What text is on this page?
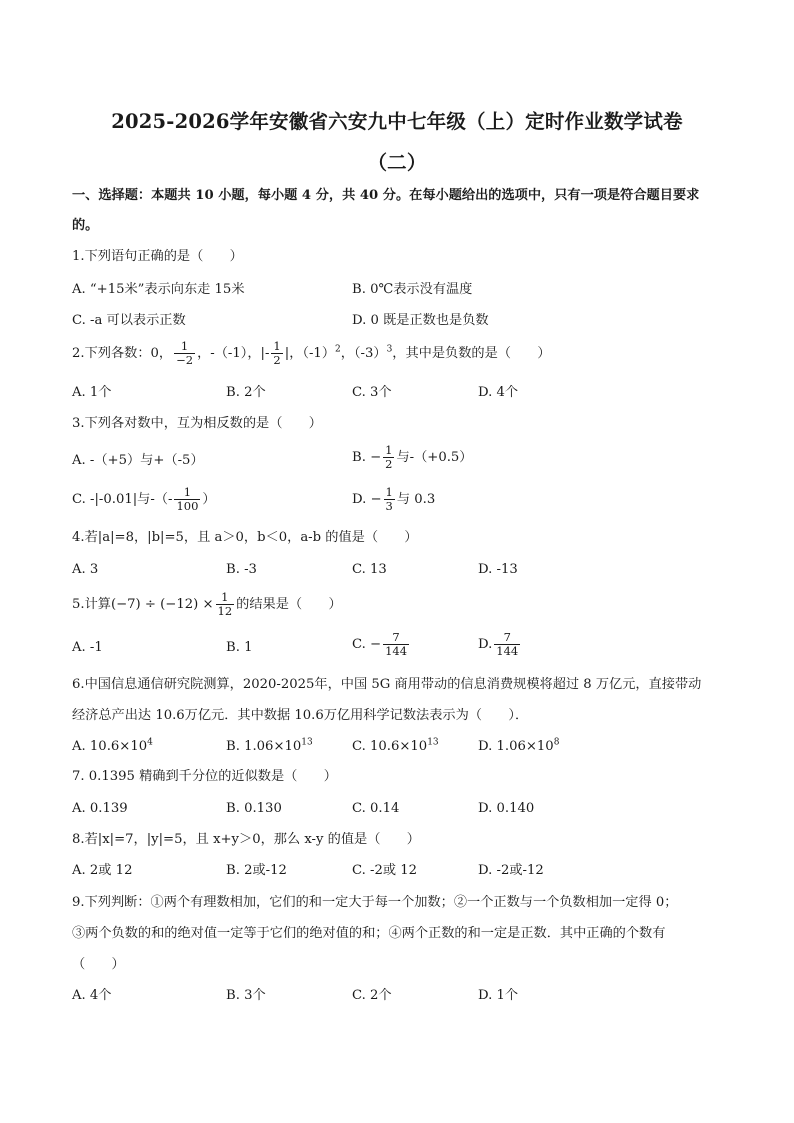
2025-2026学年安徽省六安九中七年级（上）定时作业数学试卷
（二）
一、选择题：本题共 10 小题，每小题 4 分，共 40 分。在每小题给出的选项中，只有一项是符合题目要求
的。
1.下列语句正确的是（　　）
A. “+15米”表示向东走 15米	B. 0℃表示没有温度
C. -a 可以表示正数	D. 0 既是正数也是负数
2.下列各数：0， $\frac{1}{-2}$ ，-（-1），|- $\frac{1}{2}$ |，$(-1)^2$，$(-3)^3$，其中是负数的是（　　）
A. 1个	B. 2个	C. 3个	D. 4个
3.下列各对数中，互为相反数的是（　　）
A. -（+5）与+（-5）	B. − $\frac{1}{2}$ 与-（+0.5）
C. -|-0.01|与-（- $\frac{1}{100}$ ）	D. − $\frac{1}{3}$ 与 0.3
4.若|a|=8，|b|=5，且 a＞0，b＜0，a-b 的值是（　　）
A. 3	B. -3	C. 13	D. -13
5.计算$(-7) \div (-12) \times \frac{1}{12}$ 的结果是（　　）
A. -1	B. 1	C. − $\frac{7}{144}$	D. $\frac{7}{144}$
6.中国信息通信研究院测算，2020-2025年，中国 5G 商用带动的信息消费规模将超过 8 万亿元，直接带动
经济总产出达 10.6万亿元．其中数据 10.6万亿用科学记数法表示为（　　）．
A. $10.6\times 10^4$	B. $1.06\times 10^{13}$	C. $10.6\times 10^{13}$	D. $1.06\times 10^8$
7. 0.1395 精确到千分位的近似数是（　　）
A. 0.139	B. 0.130	C. 0.14	D. 0.140
8.若|x|=7，|y|=5，且 x+y＞0，那么 x-y 的值是（　　）
A. 2或 12	B. 2或-12	C. -2或 12	D. -2或-12
9.下列判断：①两个有理数相加，它们的和一定大于每一个加数；②一个正数与一个负数相加一定得 0；
③两个负数的和的绝对值一定等于它们的绝对值的和；④两个正数的和一定是正数．其中正确的个数有
（　　）
A. 4个	B. 3个	C. 2个	D. 1个
